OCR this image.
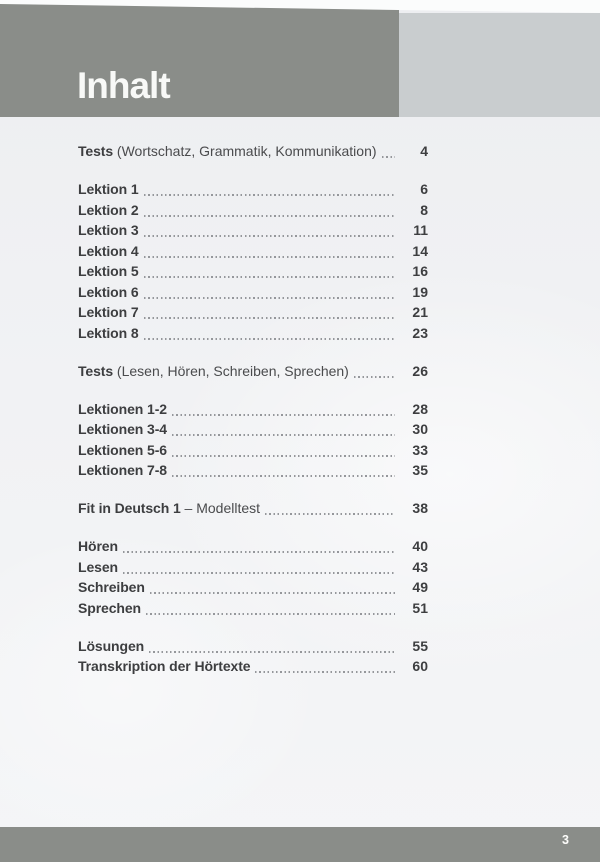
Inhalt
Tests (Wortschatz, Grammatik, Kommunikation)	4
Lektion 1	6
Lektion 2	8
Lektion 3	11
Lektion 4	14
Lektion 5	16
Lektion 6	19
Lektion 7	21
Lektion 8	23
Tests (Lesen, Hören, Schreiben, Sprechen)	26
Lektionen 1-2	28
Lektionen 3-4	30
Lektionen 5-6	33
Lektionen 7-8	35
Fit in Deutsch 1 – Modelltest	38
Hören	40
Lesen	43
Schreiben	49
Sprechen	51
Lösungen	55
Transkription der Hörtexte	60
3
